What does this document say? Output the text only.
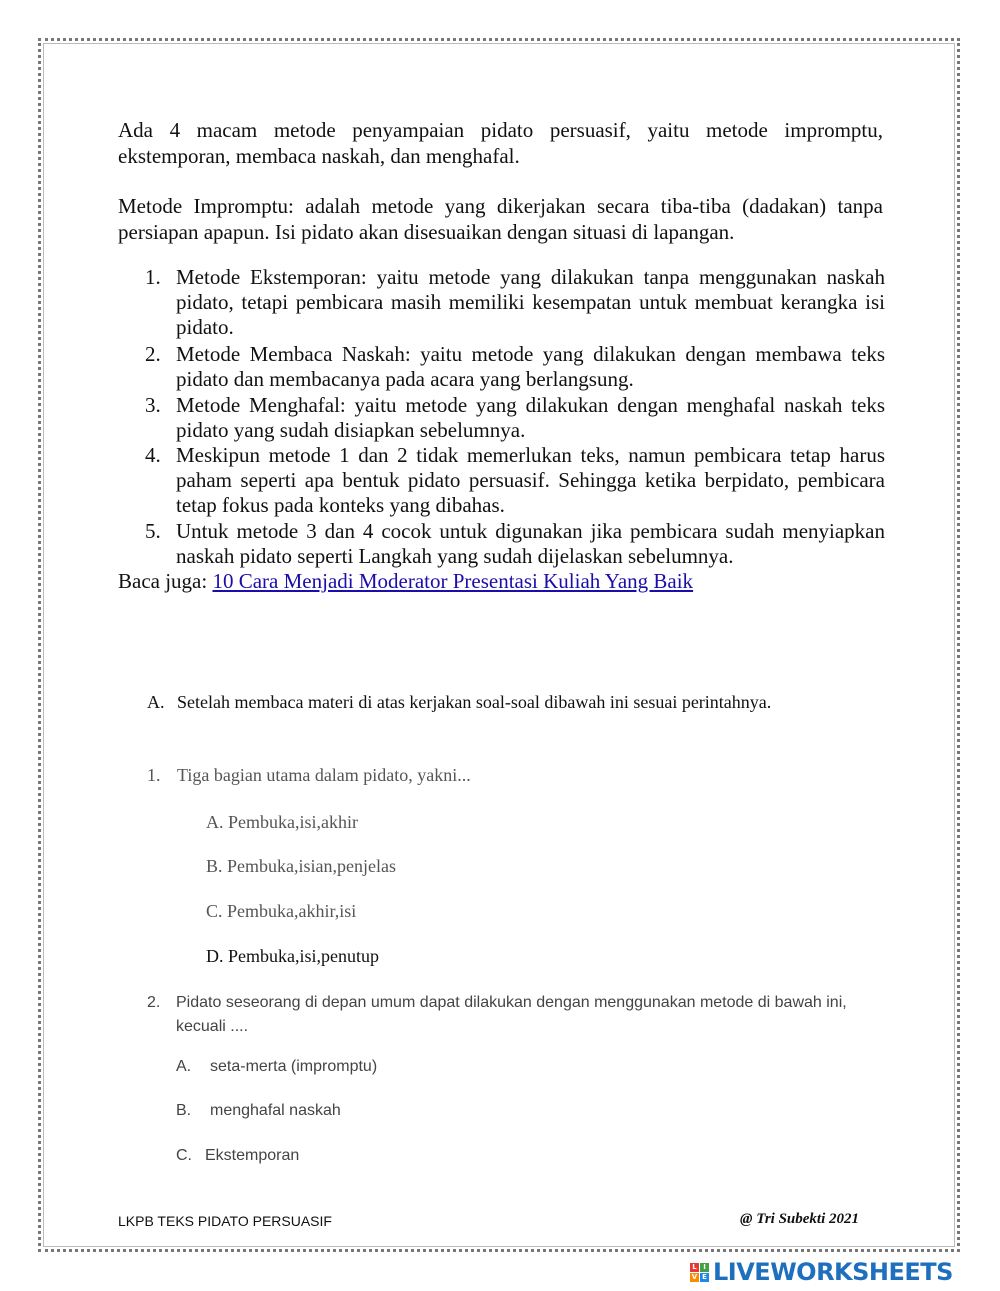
Ada 4 macam metode penyampaian pidato persuasif, yaitu metode impromptu, ekstemporan, membaca naskah, dan menghafal.
Metode Impromptu: adalah metode yang dikerjakan secara tiba-tiba (dadakan) tanpa persiapan apapun. Isi pidato akan disesuaikan dengan situasi di lapangan.
1. Metode Ekstemporan: yaitu metode yang dilakukan tanpa menggunakan naskah pidato, tetapi pembicara masih memiliki kesempatan untuk membuat kerangka isi pidato.
2. Metode Membaca Naskah: yaitu metode yang dilakukan dengan membawa teks pidato dan membacanya pada acara yang berlangsung.
3. Metode Menghafal: yaitu metode yang dilakukan dengan menghafal naskah teks pidato yang sudah disiapkan sebelumnya.
4. Meskipun metode 1 dan 2 tidak memerlukan teks, namun pembicara tetap harus paham seperti apa bentuk pidato persuasif. Sehingga ketika berpidato, pembicara tetap fokus pada konteks yang dibahas.
5. Untuk metode 3 dan 4 cocok untuk digunakan jika pembicara sudah menyiapkan naskah pidato seperti Langkah yang sudah dijelaskan sebelumnya.
Baca juga: 10 Cara Menjadi Moderator Presentasi Kuliah Yang Baik
A. Setelah membaca materi di atas kerjakan soal-soal dibawah ini sesuai perintahnya.
1. Tiga bagian utama dalam pidato, yakni...
A. Pembuka,isi,akhir
B. Pembuka,isian,penjelas
C. Pembuka,akhir,isi
D. Pembuka,isi,penutup
2. Pidato seseorang di depan umum dapat dilakukan dengan menggunakan metode di bawah ini, kecuali ....
A. seta-merta (impromptu)
B. menghafal naskah
C. Ekstemporan
LKPB TEKS PIDATO PERSUASIF	@ Tri Subekti 2021
L I
V E LIVEWORKSHEETS
